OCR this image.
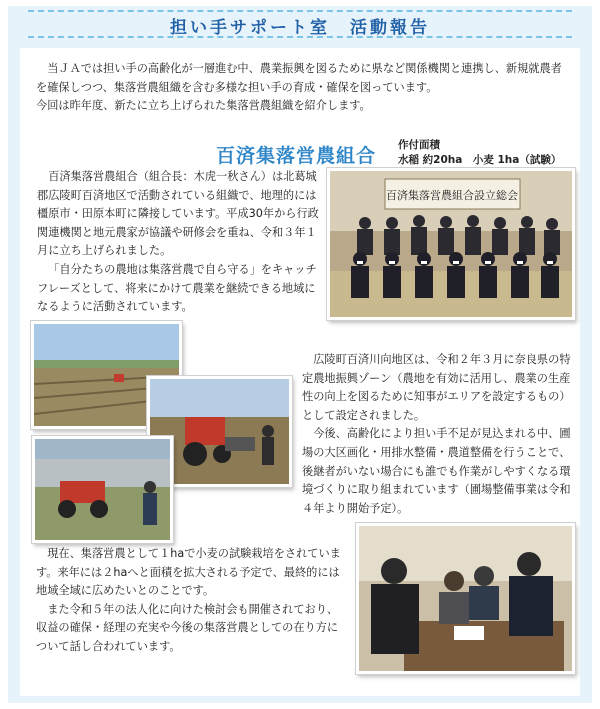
担い手サポート室　活動報告

当ＪＡでは担い手の高齢化が一層進む中、農業振興を図るために県など関係機関と連携し、新規就農者を確保しつつ、集落営農組織を含む多様な担い手の育成・確保を図っています。
今回は昨年度、新たに立ち上げられた集落営農組織を紹介します。

百済集落営農組合 作付面積
水稲 約20ha　小麦 1ha（試験）

百済集落営農組合（組合長：木虎一秋さん）は北葛城郡広陵町百済地区で活動されている組織で、地理的には橿原市・田原本町に隣接しています。平成30年から行政関連機関と地元農家が協議や研修会を重ね、令和３年１月に立ち上げられました。

「自分たちの農地は集落営農で自ら守る」をキャッチフレーズとして、将来にかけて農業を継続できる地域になるように活動されています。

広陵町百済川向地区は、令和２年３月に奈良県の特定農地振興ゾーン（農地を有効に活用し、農業の生産性の向上を図るために知事がエリアを設定するもの）として設定されました。

今後、高齢化により担い手不足が見込まれる中、圃場の大区画化・用排水整備・農道整備を行うことで、後継者がいない場合にも誰でも作業がしやすくなる環境づくりに取り組まれています（圃場整備事業は令和４年より開始予定）。

現在、集落営農として１haで小麦の試験栽培をされています。来年には２haへと面積を拡大される予定で、最終的には地域全域に広めたいとのことです。

また令和５年の法人化に向けた検討会も開催されており、収益の確保・経理の充実や今後の集落営農としての在り方について話し合われています。

百済集落営農組合設立総会
